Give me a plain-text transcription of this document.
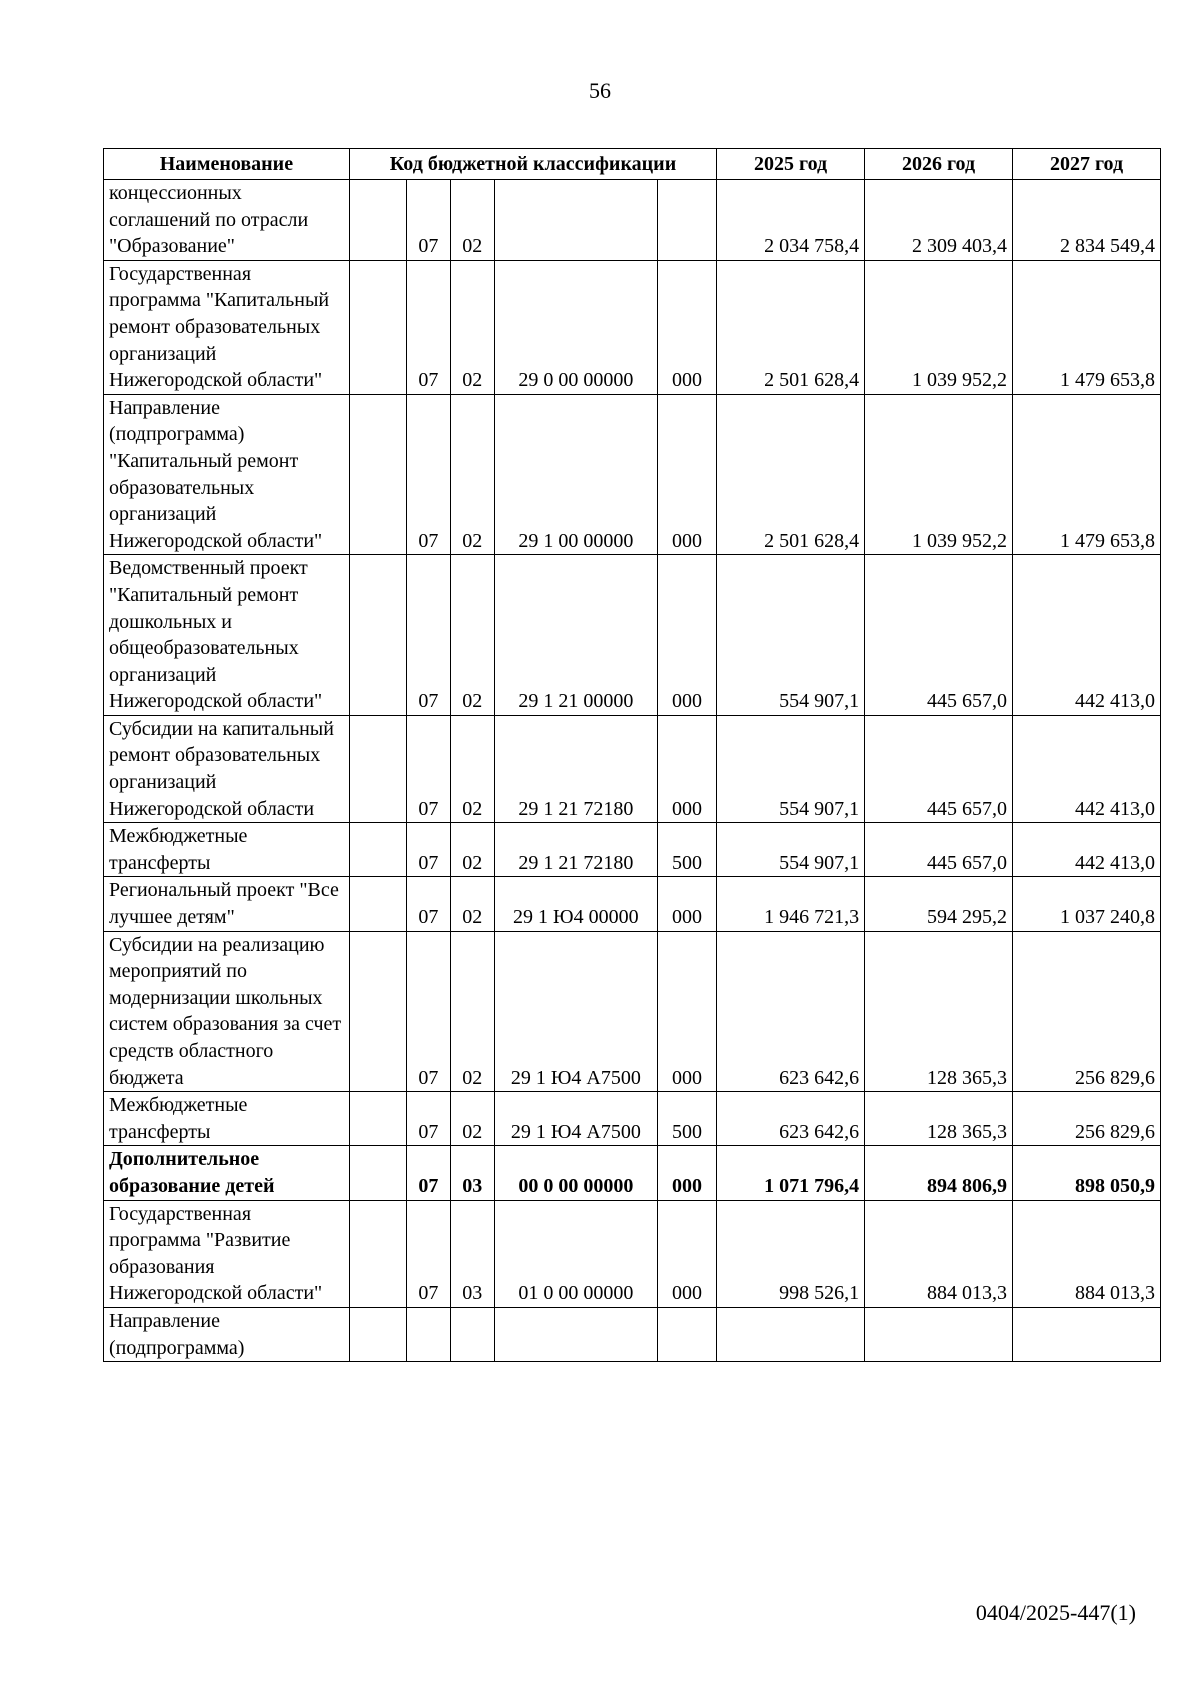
56
Наименование	Код бюджетной классификации					2025 год	2026 год	2027 год
концессионных соглашений по отрасли "Образование"		07	02			2 034 758,4	2 309 403,4	2 834 549,4
Государственная программа "Капитальный ремонт образовательных организаций Нижегородской области"		07	02	29 0 00 00000	000	2 501 628,4	1 039 952,2	1 479 653,8
Направление (подпрограмма) "Капитальный ремонт образовательных организаций Нижегородской области"		07	02	29 1 00 00000	000	2 501 628,4	1 039 952,2	1 479 653,8
Ведомственный проект "Капитальный ремонт дошкольных и общеобразовательных организаций Нижегородской области"		07	02	29 1 21 00000	000	554 907,1	445 657,0	442 413,0
Субсидии на капитальный ремонт образовательных организаций Нижегородской области		07	02	29 1 21 72180	000	554 907,1	445 657,0	442 413,0
Межбюджетные трансферты		07	02	29 1 21 72180	500	554 907,1	445 657,0	442 413,0
Региональный проект "Все лучшее детям"		07	02	29 1 Ю4 00000	000	1 946 721,3	594 295,2	1 037 240,8
Субсидии на реализацию мероприятий по модернизации школьных систем образования за счет средств областного бюджета		07	02	29 1 Ю4 А7500	000	623 642,6	128 365,3	256 829,6
Межбюджетные трансферты		07	02	29 1 Ю4 А7500	500	623 642,6	128 365,3	256 829,6
Дополнительное образование детей		07	03	00 0 00 00000	000	1 071 796,4	894 806,9	898 050,9
Государственная программа "Развитие образования Нижегородской области"		07	03	01 0 00 00000	000	998 526,1	884 013,3	884 013,3
Направление (подпрограмма)								
0404/2025-447(1)
